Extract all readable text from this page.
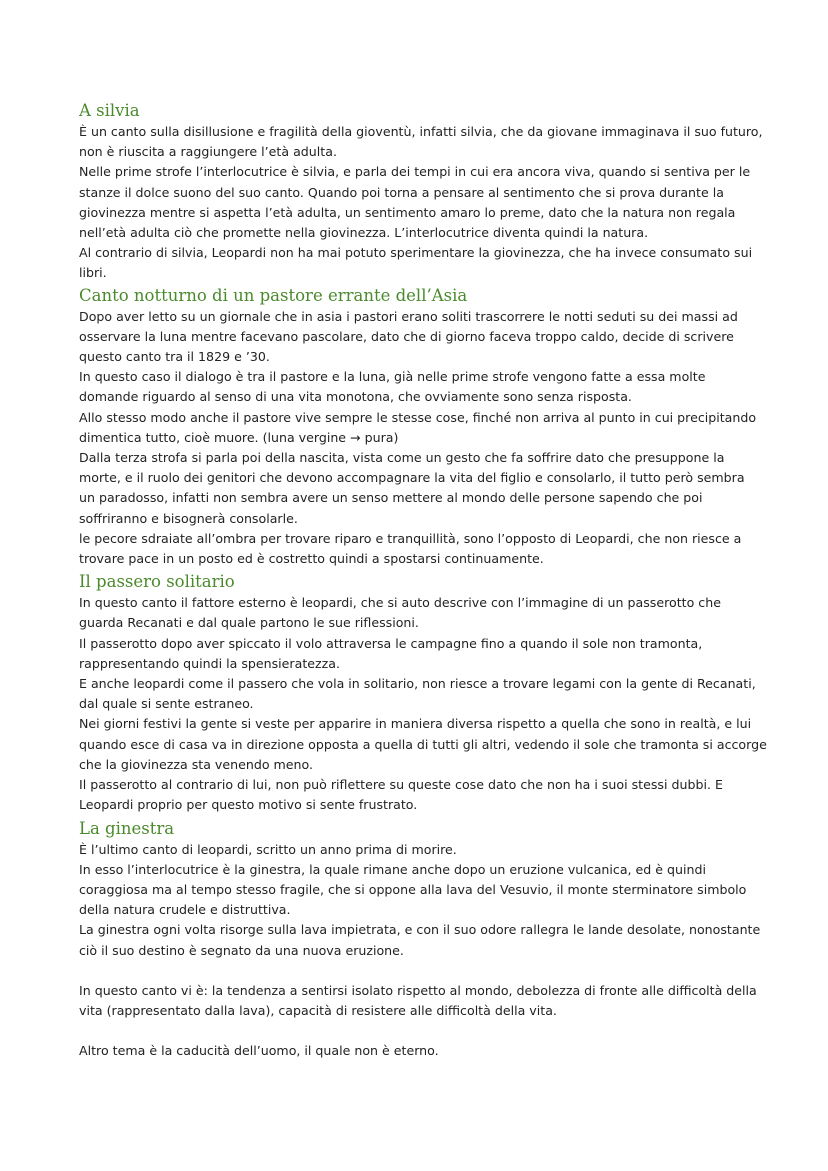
A silvia

È un canto sulla disillusione e fragilità della gioventù, infatti silvia, che da giovane immaginava il suo futuro,
non è riuscita a raggiungere l’età adulta.
Nelle prime strofe l’interlocutrice è silvia, e parla dei tempi in cui era ancora viva, quando si sentiva per le
stanze il dolce suono del suo canto. Quando poi torna a pensare al sentimento che si prova durante la
giovinezza mentre si aspetta l’età adulta, un sentimento amaro lo preme, dato che la natura non regala
nell’età adulta ciò che promette nella giovinezza. L’interlocutrice diventa quindi la natura.
Al contrario di silvia, Leopardi non ha mai potuto sperimentare la giovinezza, che ha invece consumato sui
libri.

Canto notturno di un pastore errante dell’Asia

Dopo aver letto su un giornale che in asia i pastori erano soliti trascorrere le notti seduti su dei massi ad
osservare la luna mentre facevano pascolare, dato che di giorno faceva troppo caldo, decide di scrivere
questo canto tra il 1829 e ’30.
In questo caso il dialogo è tra il pastore e la luna, già nelle prime strofe vengono fatte a essa molte
domande riguardo al senso di una vita monotona, che ovviamente sono senza risposta.
Allo stesso modo anche il pastore vive sempre le stesse cose, finché non arriva al punto in cui precipitando
dimentica tutto, cioè muore. (luna vergine → pura)
Dalla terza strofa si parla poi della nascita, vista come un gesto che fa soffrire dato che presuppone la
morte, e il ruolo dei genitori che devono accompagnare la vita del figlio e consolarlo, il tutto però sembra
un paradosso, infatti non sembra avere un senso mettere al mondo delle persone sapendo che poi
soffriranno e bisognerà consolarle.
le pecore sdraiate all’ombra per trovare riparo e tranquillità, sono l’opposto di Leopardi, che non riesce a
trovare pace in un posto ed è costretto quindi a spostarsi continuamente.

Il passero solitario

In questo canto il fattore esterno è leopardi, che si auto descrive con l’immagine di un passerotto che
guarda Recanati e dal quale partono le sue riflessioni.
Il passerotto dopo aver spiccato il volo attraversa le campagne fino a quando il sole non tramonta,
rappresentando quindi la spensieratezza.
E anche leopardi come il passero che vola in solitario, non riesce a trovare legami con la gente di Recanati,
dal quale si sente estraneo.
Nei giorni festivi la gente si veste per apparire in maniera diversa rispetto a quella che sono in realtà, e lui
quando esce di casa va in direzione opposta a quella di tutti gli altri, vedendo il sole che tramonta si accorge
che la giovinezza sta venendo meno.
Il passerotto al contrario di lui, non può riflettere su queste cose dato che non ha i suoi stessi dubbi. E
Leopardi proprio per questo motivo si sente frustrato.

La ginestra

È l’ultimo canto di leopardi, scritto un anno prima di morire.
In esso l’interlocutrice è la ginestra, la quale rimane anche dopo un eruzione vulcanica, ed è quindi
coraggiosa ma al tempo stesso fragile, che si oppone alla lava del Vesuvio, il monte sterminatore simbolo
della natura crudele e distruttiva.
La ginestra ogni volta risorge sulla lava impietrata, e con il suo odore rallegra le lande desolate, nonostante
ciò il suo destino è segnato da una nuova eruzione.

In questo canto vi è: la tendenza a sentirsi isolato rispetto al mondo, debolezza di fronte alle difficoltà della
vita (rappresentato dalla lava), capacità di resistere alle difficoltà della vita.

Altro tema è la caducità dell’uomo, il quale non è eterno.
